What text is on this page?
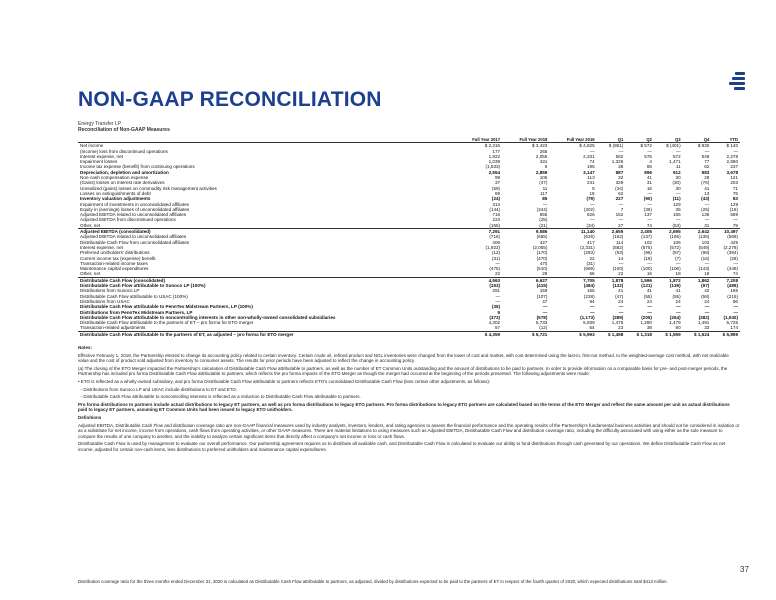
NON-GAAP RECONCILIATION
Energy Transfer LP
Reconciliation of Non-GAAP Measures
	Full Year 2017	Full Year 2018	Full Year 2019	Q1	Q2	Q3	Q4	YTD
Net income	$ 2,315	$ 3,423	$ 4,825	$ (861)	$ 572	$ (401)	$ 830	$ 140
(Income) loss from discontinued operations	177	265	—	—	—	—	—	—
Interest expense, net	1,922	2,055	2,331	582	575	572	549	2,278
Impairment losses	1,039	431	74	1,325	4	1,471	77	2,880
Income tax expense (benefit) from continuing operations	(1,833)	5	195	38	86	11	62	237
Depreciation, depletion and amortization	2,554	2,859	3,147	887	896	912	983	3,678
Non-cash compensation expense	99	105	113	32	41	30	28	121
(Gains) losses on interest rate derivatives	37	(47)	241	329	31	(30)	(76)	203
Unrealized (gains) losses on commodity risk management activities	(59)	11	5	(34)	16	30	41	71
Losses on extinguishments of debt	89	117	18	62	—	—	13	75
Inventory valuation adjustments	(24)	85	(79)	227	(90)	(11)	(43)	83
Impairment of investments in unconsolidated affiliates	313	—	—	—	—	129	—	129
Equity in (earnings) losses of unconsolidated affiliates	(144)	(344)	(302)	7	(36)	35	(25)	(19)
Adjusted EBITDA related to unconsolidated affiliates	716	655	626	152	137	165	135	589
Adjusted EBITDA from discontinued operations	223	(25)	—	—	—	—	—	—
Other, net	(155)	(21)	(34)	27	74	(53)	31	79
Adjusted EBITDA (consolidated)	7,291	9,586	11,140	2,655	2,405	2,695	2,642	10,497
Adjusted EBITDA related to unconsolidated affiliates	(716)	(655)	(626)	(152)	(137)	(165)	(135)	(589)
Distributable Cash Flow from unconsolidated affiliates	406	427	417	114	102	106	103	425
Interest expense, net	(1,922)	(2,055)	(2,331)	(582)	(575)	(572)	(549)	(2,278)
Preferred unitholders' distributions	(12)	(170)	(283)	(93)	(96)	(97)	(98)	(384)
Current income tax (expense) benefit	(31)	(470)	22	14	(19)	(7)	(16)	(28)
Transaction-related income taxes	—	470	(31)	—	—	—	—	—
Maintenance capital expenditures	(475)	(510)	(669)	(100)	(100)	(106)	(143)	(449)
Other, net	22	28	66	22	16	18	18	74
Distributable Cash Flow (consolidated)	4,563	6,627	7,705	1,878	1,596	1,872	1,862	7,208
Distributable Cash Flow attributable to Sunoco LP (100%)	(153)	(415)	(484)	(132)	(121)	(139)	(97)	(489)
Distributions from Sunoco LP	291	159	165	41	41	41	42	165
Distributable Cash Flow attributable to USAC (100%)	—	(107)	(228)	(47)	(55)	(55)	(58)	(215)
Distributions from USAC	—	47	94	24	24	24	24	96
Distributable Cash Flow attributable to PennTex Midstream Partners, LP (100%)	(35)	—	—	—	—	—	—	—
Distributions from PennTex Midstream Partners, LP	9	—	—	—	—	—	—	—
Distributable Cash Flow attributable to noncontrolling interests in other non-wholly-owned consolidated subsidiaries	(373)	(578)	(1,173)	(289)	(205)	(264)	(282)	(1,040)
Distributable Cash Flow attributable to the partners of ET – pro forma for ETO merger	4,302	5,733	5,939	1,475	1,280	1,479	1,491	5,725
Transaction-related adjustments	57	(12)	54	23	38	80	33	174
Distributable Cash Flow attributable to the partners of ET, as adjusted – pro forma for ETO merger	$ 4,359	$ 5,721	$ 5,993	$ 1,498	$ 1,318	$ 1,559	$ 1,524	$ 5,899

Notes:

Effective February 1, 2018, the Partnership elected to change its accounting policy related to certain inventory. Certain crude oil, refined product and NGL inventories were changed from the lower of cost and market, with cost determined using the last-in, first-out method, to the weighted-average cost method, with net realizable value and the cost of product sold adjusted from inventory to consumer assets. The results for prior periods have been adjusted to reflect the change in accounting policy.

(a) The closing of the ETO Merger impacted the Partnership's calculation of Distributable Cash Flow attributable to partners, as well as the number of ET Common Units outstanding and the amount of distributions to be paid to partners. In order to provide information on a comparable basis for pre- and post-merger periods, the Partnership has included pro forma Distributable Cash Flow attributable to partners, which reflects the pro forma impacts of the ETO Merger as though the merger had occurred at the beginning of the periods presented. The following adjustments were made:

• ETO is reflected as a wholly-owned subsidiary, and pro forma Distributable Cash Flow attributable to partners reflects ETO's consolidated Distributable Cash Flow (less certain other adjustments, as follows):

◦ Distributions from Sunoco LP and USAC include distributions to ET and ETO.

◦ Distributable Cash Flow attributable to noncontrolling interests is reflected as a reduction to Distributable Cash Flow attributable to partners.

Pro forma distributions to partners include actual distributions to legacy ET partners, as well as pro forma distributions to legacy ETO partners. Pro forma distributions to legacy ETO partners are calculated based on the terms of the ETO Merger and reflect the same amount per unit as actual distributions paid to legacy ET partners, assuming ET Common Units had been issued to legacy ETO unitholders.

Definitions

Adjusted EBITDA, Distributable Cash Flow and distribution coverage ratio are non-GAAP financial measures used by industry analysts, investors, lenders, and rating agencies to assess the financial performance and the operating results of the Partnership's fundamental business activities and should not be considered in isolation or as a substitute for net income, income from operations, cash flows from operating activities, or other GAAP measures. There are material limitations to using measures such as Adjusted EBITDA, Distributable Cash Flow and distribution coverage ratio, including the difficulty associated with using either as the sole measure to compare the results of one company to another, and the inability to analyze certain significant items that directly affect a company's net income or loss or cash flows.

Distributable Cash Flow is used by management to evaluate our overall performance. Our partnership agreement requires us to distribute all available cash, and Distributable Cash Flow is calculated to evaluate our ability to fund distributions through cash generated by our operations. We define Distributable Cash Flow as net income, adjusted for certain non-cash items, less distributions to preferred unitholders and maintenance capital expenditures.

37
Distribution coverage ratio for the three months ended December 31, 2020 is calculated as Distributable Cash Flow attributable to partners, as adjusted, divided by distributions expected to be paid to the partners of ET in respect of the fourth quarter of 2020, which expected distributions total $413 million.
